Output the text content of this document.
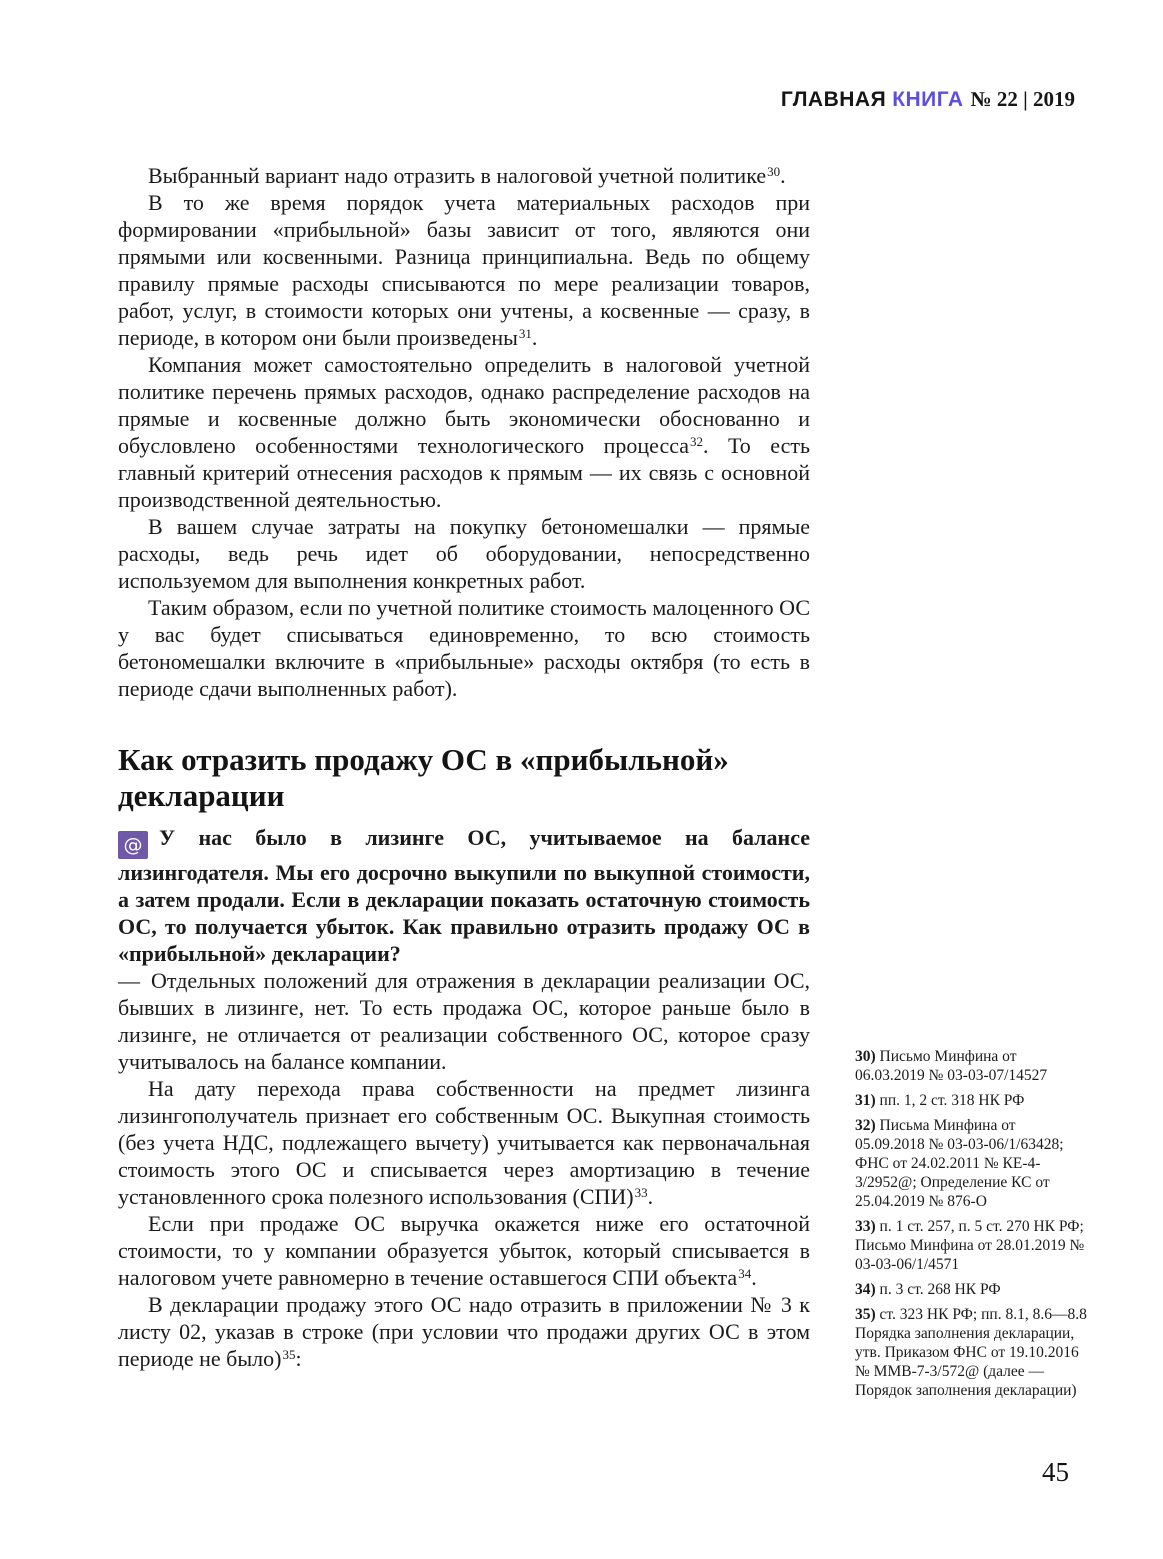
ГЛАВНАЯ КНИГА № 22 | 2019

Выбранный вариант надо отразить в налоговой учетной политике$^{30}$.

В то же время порядок учета материальных расходов при формировании «прибыльной» базы зависит от того, являются они прямыми или косвенными. Разница принципиальна. Ведь по общему правилу прямые расходы списываются по мере реализации товаров, работ, услуг, в стоимости которых они учтены, а косвенные — сразу, в периоде, в котором они были произведены$^{31}$.

Компания может самостоятельно определить в налоговой учетной политике перечень прямых расходов, однако распределение расходов на прямые и косвенные должно быть экономически обоснованно и обусловлено особенностями технологического процесса$^{32}$. То есть главный критерий отнесения расходов к прямым — их связь с основной производственной деятельностью.

В вашем случае затраты на покупку бетономешалки — прямые расходы, ведь речь идет об оборудовании, непосредственно используемом для выполнения конкретных работ.

Таким образом, если по учетной политике стоимость малоценного ОС у вас будет списываться единовременно, то всю стоимость бетономешалки включите в «прибыльные» расходы октября (то есть в периоде сдачи выполненных работ).

Как отразить продажу ОС в «прибыльной» декларации

@ У нас было в лизинге ОС, учитываемое на балансе лизингодателя. Мы его досрочно выкупили по выкупной стоимости, а затем продали. Если в декларации показать остаточную стоимость ОС, то получается убыток. Как правильно отразить продажу ОС в «прибыльной» декларации?

— Отдельных положений для отражения в декларации реализации ОС, бывших в лизинге, нет. То есть продажа ОС, которое раньше было в лизинге, не отличается от реализации собственного ОС, которое сразу учитывалось на балансе компании.

На дату перехода права собственности на предмет лизинга лизингополучатель признает его собственным ОС. Выкупная стоимость (без учета НДС, подлежащего вычету) учитывается как первоначальная стоимость этого ОС и списывается через амортизацию в течение установленного срока полезного использования (СПИ)$^{33}$.

Если при продаже ОС выручка окажется ниже его остаточной стоимости, то у компании образуется убыток, который списывается в налоговом учете равномерно в течение оставшегося СПИ объекта$^{34}$.

В декларации продажу этого ОС надо отразить в приложении № 3 к листу 02, указав в строке (при условии что продажи других ОС в этом периоде не было)$^{35}$:

30) Письмо Минфина от 06.03.2019 № 03-03-07/14527

31) пп. 1, 2 ст. 318 НК РФ

32) Письма Минфина от 05.09.2018 № 03-03-06/1/63428; ФНС от 24.02.2011 № КЕ-4-3/2952@; Определение КС от 25.04.2019 № 876-О

33) п. 1 ст. 257, п. 5 ст. 270 НК РФ; Письмо Минфина от 28.01.2019 № 03-03-06/1/4571

34) п. 3 ст. 268 НК РФ

35) ст. 323 НК РФ; пп. 8.1, 8.6—8.8 Порядка заполнения декларации, утв. Приказом ФНС от 19.10.2016 № ММВ-7-3/572@ (далее — Порядок заполнения декларации)

45
